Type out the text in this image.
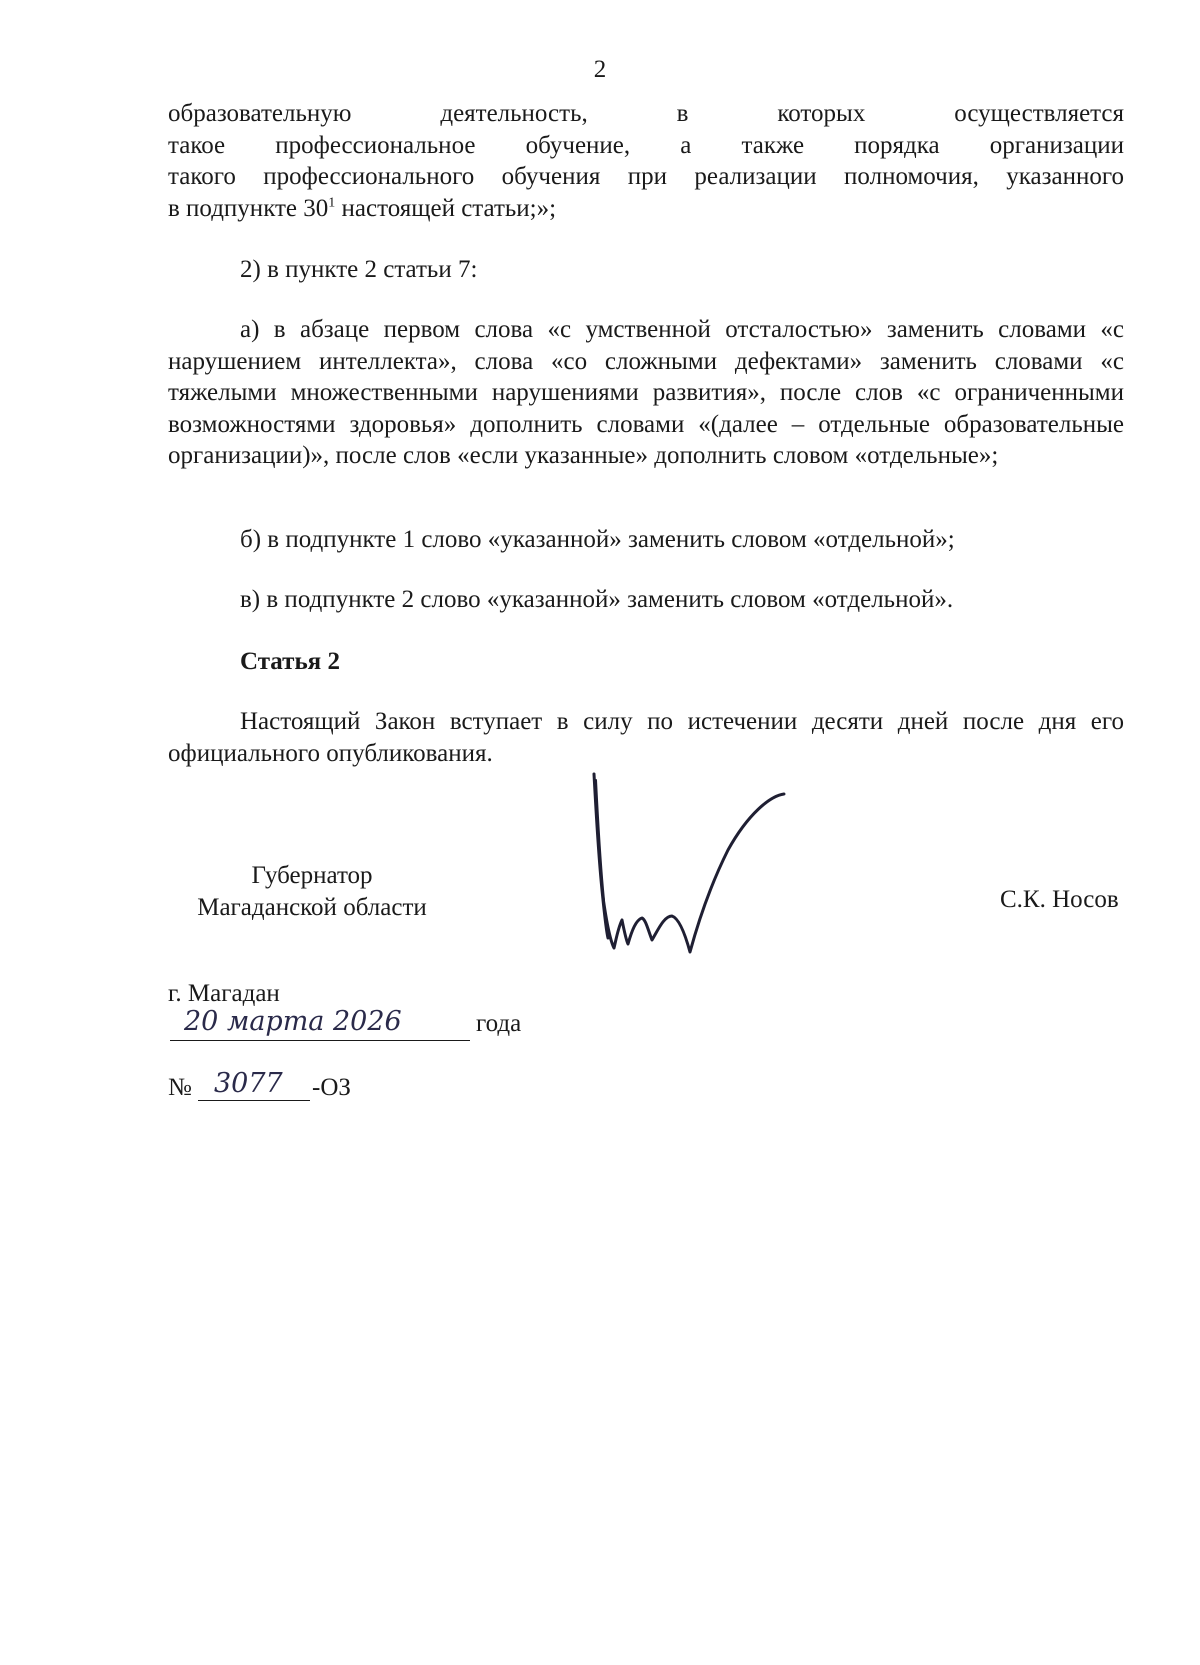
2
образовательную деятельность, в которых осуществляется
такое профессиональное обучение, а также порядка организации
такого профессионального обучения при реализации полномочия, указанного
в подпункте $30^1$ настоящей статьи;»;
2) в пункте 2 статьи 7:
а) в абзаце первом слова «с умственной отсталостью» заменить словами «с нарушением интеллекта», слова «со сложными дефектами» заменить словами «с тяжелыми множественными нарушениями развития», после слов «с ограниченными возможностями здоровья» дополнить словами «(далее – отдельные образовательные организации)», после слов «если указанные» дополнить словом «отдельные»;
б) в подпункте 1 слово «указанной» заменить словом «отдельной»;
в) в подпункте 2 слово «указанной» заменить словом «отдельной».
Статья 2
Настоящий Закон вступает в силу по истечении десяти дней после дня его официального опубликования.
Губернатор
Магаданской области	С.К. Носов
г. Магадан
20 марта 2026	года
№ 3077 -ОЗ
